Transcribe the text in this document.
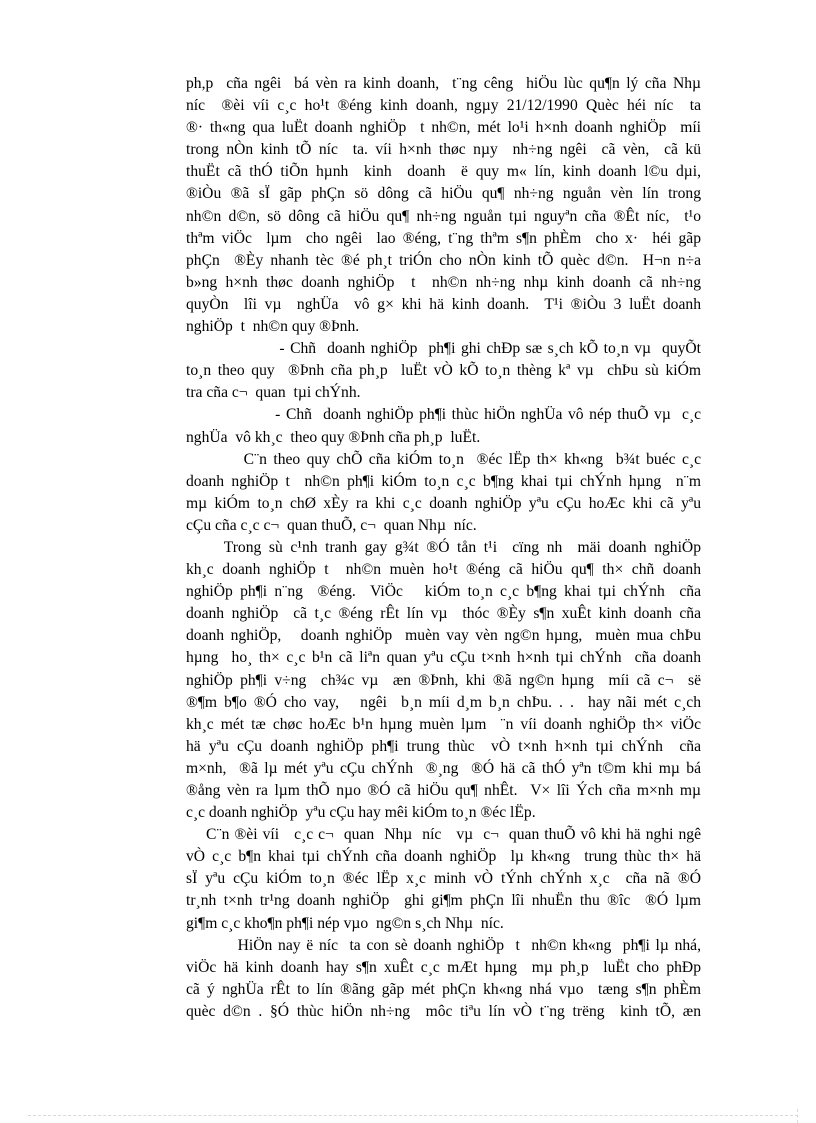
ph,p  cña ngêi  bá vèn ra kinh doanh,  t¨ng cêng  hiÖu lùc qu¶n lý cña Nhµ
níc  ®èi víi c¸c ho¹t ®éng kinh doanh, ngµy 21/12/1990 Quèc héi níc  ta
®· th«ng qua luËt doanh nghiÖp  t nh©n, mét lo¹i h×nh doanh nghiÖp  míi
trong nÒn kinh tÕ níc  ta. víi h×nh thøc nµy  nh÷ng ngêi  cã vèn,  cã kü
thuËt cã thÓ tiÕn hµnh  kinh  doanh  ë quy m« lín, kinh doanh l©u dµi,
®iÒu ®ã sÏ gãp phÇn sö dông cã hiÖu qu¶ nh÷ng nguån vèn lín trong
nh©n d©n, sö dông cã hiÖu qu¶ nh÷ng nguån tµi nguyªn cña ®Êt níc,  t¹o
thªm viÖc  lµm  cho ngêi  lao ®éng, t¨ng thªm s¶n phÈm  cho x·  héi gãp
phÇn  ®Èy nhanh tèc ®é ph¸t triÓn cho nÒn kinh tÕ quèc d©n.  H¬n n÷a
b»ng h×nh thøc doanh nghiÖp  t  nh©n nh÷ng nhµ kinh doanh cã nh÷ng
quyÒn  lîi vµ  nghÜa  vô g× khi hä kinh doanh.  T¹i ®iÒu 3 luËt doanh
nghiÖp  t  nh©n quy ®Þnh.
- Chñ  doanh nghiÖp  ph¶i ghi chÐp sæ s¸ch kÕ to¸n vµ  quyÕt
to¸n theo quy  ®Þnh cña ph¸p  luËt vÒ kÕ to¸n thèng kª vµ  chÞu sù kiÓm
tra cña c¬  quan  tµi chÝnh.
- Chñ  doanh nghiÖp ph¶i thùc hiÖn nghÜa vô nép thuÕ vµ  c¸c
nghÜa  vô kh¸c  theo quy ®Þnh cña ph¸p  luËt.
C¨n theo quy chÕ cña kiÓm to¸n  ®éc lËp th× kh«ng  b¾t buéc c¸c
doanh nghiÖp t  nh©n ph¶i kiÓm to¸n c¸c b¶ng khai tµi chÝnh hµng  n¨m
mµ kiÓm to¸n chØ xÈy ra khi c¸c doanh nghiÖp yªu cÇu hoÆc khi cã yªu
cÇu cña c¸c c¬  quan thuÕ, c¬  quan Nhµ  níc.
Trong sù c¹nh tranh gay g¾t ®Ó tån t¹i  cïng nh  mäi doanh nghiÖp
kh¸c doanh nghiÖp t  nh©n muèn ho¹t ®éng cã hiÖu qu¶ th× chñ doanh
nghiÖp ph¶i n¨ng  ®éng.  ViÖc   kiÓm to¸n c¸c b¶ng khai tµi chÝnh  cña
doanh nghiÖp  cã t¸c ®éng rÊt lín vµ  thóc ®Èy s¶n xuÊt kinh doanh cña
doanh nghiÖp,   doanh nghiÖp  muèn vay vèn ng©n hµng,  muèn mua chÞu
hµng  ho¸ th× c¸c b¹n cã liªn quan yªu cÇu t×nh h×nh tµi chÝnh  cña doanh
nghiÖp ph¶i v÷ng  ch¾c vµ  æn ®Þnh, khi ®ã ng©n hµng  míi cã c¬  së
®¶m b¶o ®Ó cho vay,   ngêi  b¸n míi d¸m b¸n chÞu. . .  hay nãi mét c¸ch
kh¸c mét tæ chøc hoÆc b¹n hµng muèn lµm  ¨n víi doanh nghiÖp th× viÖc
hä yªu cÇu doanh nghiÖp ph¶i trung thùc  vÒ t×nh h×nh tµi chÝnh  cña
m×nh,  ®ã lµ mét yªu cÇu chÝnh  ®¸ng  ®Ó hä cã thÓ yªn t©m khi mµ bá
®ång vèn ra lµm thÕ nµo ®Ó cã hiÖu qu¶ nhÊt.  V× lîi Ých cña m×nh mµ
c¸c doanh nghiÖp  yªu cÇu hay mêi kiÓm to¸n ®éc lËp.
C¨n ®èi víi   c¸c c¬  quan  Nhµ  níc   vµ  c¬  quan thuÕ vô khi hä nghi ngê
vÒ c¸c b¶n khai tµi chÝnh cña doanh nghiÖp  lµ kh«ng  trung thùc th× hä
sÏ yªu cÇu kiÓm to¸n ®éc lËp x¸c minh vÒ tÝnh chÝnh x¸c  cña nã ®Ó
tr¸nh t×nh tr¹ng doanh nghiÖp  ghi gi¶m phÇn lîi nhuËn thu ®îc  ®Ó lµm
gi¶m c¸c kho¶n ph¶i nép vµo  ng©n s¸ch Nhµ  níc.
HiÖn nay ë níc  ta con sè doanh nghiÖp  t  nh©n kh«ng  ph¶i lµ nhá,
viÖc hä kinh doanh hay s¶n xuÊt c¸c mÆt hµng  mµ ph¸p  luËt cho phÐp
cã ý nghÜa rÊt to lín ®ãng gãp mét phÇn kh«ng nhá vµo  tæng s¶n phÈm
quèc d©n . §Ó thùc hiÖn nh÷ng  môc tiªu lín vÒ t¨ng trëng  kinh tÕ, æn
